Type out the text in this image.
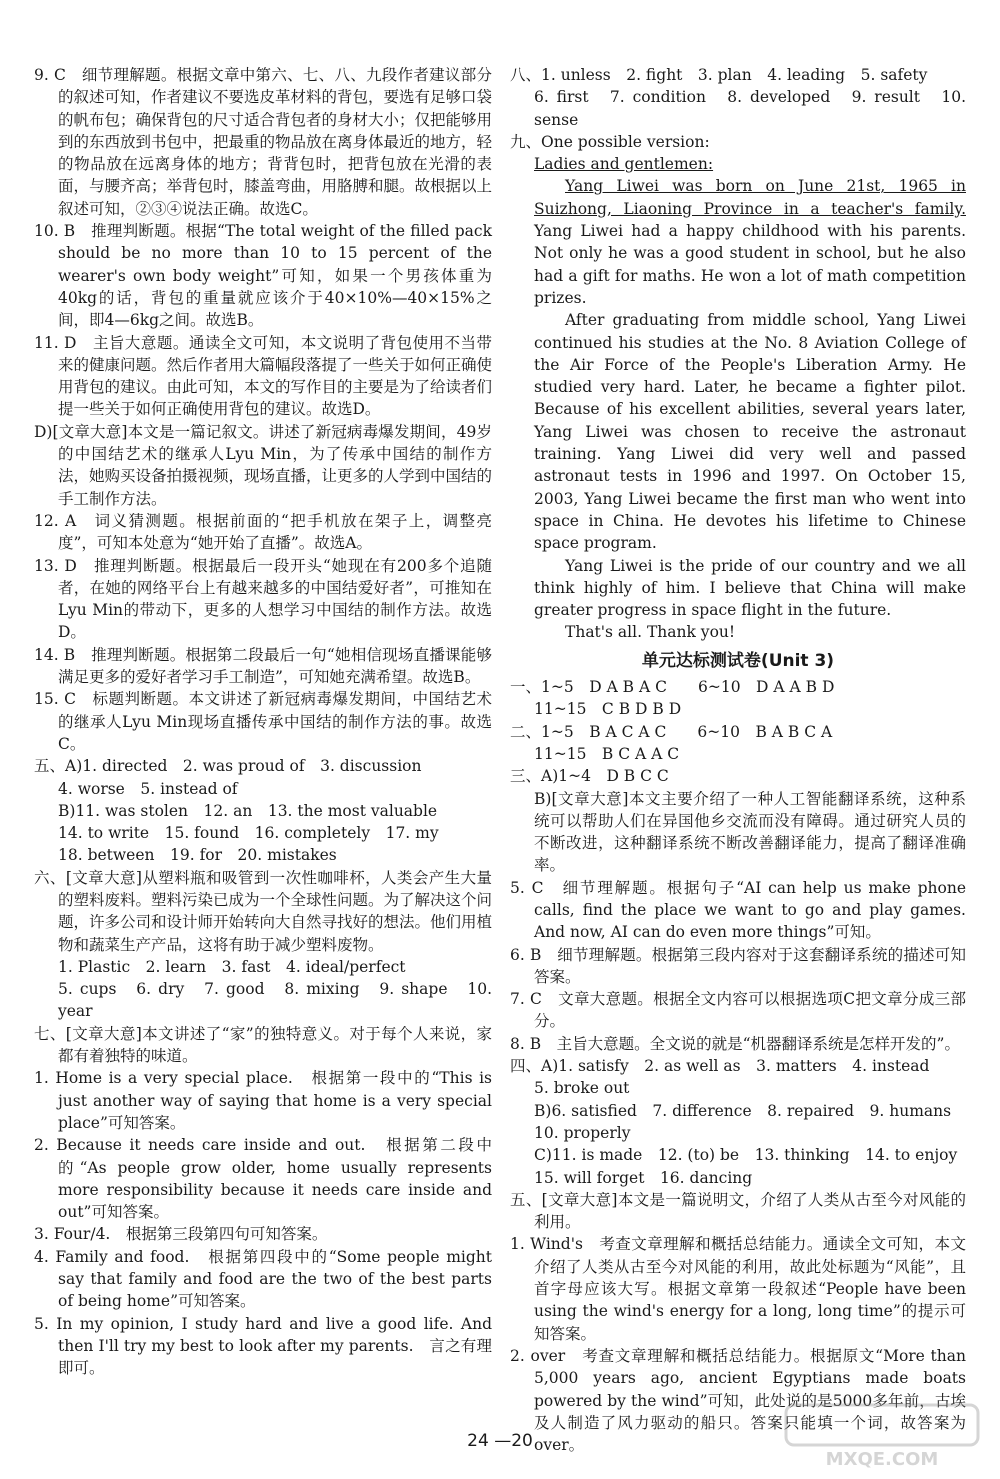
9. C　细节理解题。根据文章中第六、七、八、九段作者建议部分的叙述可知，作者建议不要选皮革材料的背包，要选有足够口袋的帆布包；确保背包的尺寸适合背包者的身材大小；仅把能够用到的东西放到书包中，把最重的物品放在离身体最近的地方，轻的物品放在远离身体的地方；背背包时，把背包放在光滑的表面，与腰齐高；举背包时，膝盖弯曲，用胳膊和腿。故根据以上叙述可知，②③④说法正确。故选C。

10. B　推理判断题。根据“The total weight of the filled pack should be no more than 10 to 15 percent of the wearer's own body weight”可知，如果一个男孩体重为40kg的话，背包的重量就应该介于40×10%—40×15%之间，即4—6kg之间。故选B。

11. D　主旨大意题。通读全文可知，本文说明了背包使用不当带来的健康问题。然后作者用大篇幅段落提了一些关于如何正确使用背包的建议。由此可知，本文的写作目的主要是为了给读者们提一些关于如何正确使用背包的建议。故选D。

D)[文章大意]本文是一篇记叙文。讲述了新冠病毒爆发期间，49岁的中国结艺术的继承人Lyu Min，为了传承中国结的制作方法，她购买设备拍摄视频，现场直播，让更多的人学到中国结的手工制作方法。

12. A　词义猜测题。根据前面的“把手机放在架子上，调整亮度”，可知本处意为“她开始了直播”。故选A。

13. D　推理判断题。根据最后一段开头“她现在有200多个追随者，在她的网络平台上有越来越多的中国结爱好者”，可推知在Lyu Min的带动下，更多的人想学习中国结的制作方法。故选D。

14. B　推理判断题。根据第二段最后一句“她相信现场直播课能够满足更多的爱好者学习手工制造”，可知她充满希望。故选B。

15. C　标题判断题。本文讲述了新冠病毒爆发期间，中国结艺术的继承人Lyu Min现场直播传承中国结的制作方法的事。故选C。

五、A)1. directed　2. was proud of　3. discussion

4. worse　5. instead of

B)11. was stolen　12. an　13. the most valuable

14. to write　15. found　16. completely　17. my

18. between　19. for　20. mistakes

六、[文章大意]从塑料瓶和吸管到一次性咖啡杯，人类会产生大量的塑料废料。塑料污染已成为一个全球性问题。为了解决这个问题，许多公司和设计师开始转向大自然寻找好的想法。他们用植物和蔬菜生产产品，这将有助于减少塑料废物。

1. Plastic　2. learn　3. fast　4. ideal/perfect

5. cups　6. dry　7. good　8. mixing　9. shape　10. year

七、[文章大意]本文讲述了“家”的独特意义。对于每个人来说，家都有着独特的味道。

1. Home is a very special place.　根据第一段中的“This is just another way of saying that home is a very special place”可知答案。

2. Because it needs care inside and out.　根据第二段中的“As people grow older, home usually represents more responsibility because it needs care inside and out”可知答案。

3. Four/4.　根据第三段第四句可知答案。

4. Family and food.　根据第四段中的“Some people might say that family and food are the two of the best parts of being home”可知答案。

5. In my opinion, I study hard and live a good life. And then I'll try my best to look after my parents.　言之有理即可。

八、1. unless　2. fight　3. plan　4. leading　5. safety

6. first　7. condition　8. developed　9. result　10. sense

九、One possible version:

Ladies and gentlemen:

Yang Liwei was born on June 21st, 1965 in Suizhong, Liaoning Province in a teacher's family. Yang Liwei had a happy childhood with his parents. Not only he was a good student in school, but he also had a gift for maths. He won a lot of math competition prizes.

After graduating from middle school, Yang Liwei continued his studies at the No. 8 Aviation College of the Air Force of the People's Liberation Army. He studied very hard. Later, he became a fighter pilot. Because of his excellent abilities, several years later, Yang Liwei was chosen to receive the astronaut training. Yang Liwei did very well and passed astronaut tests in 1996 and 1997. On October 15, 2003, Yang Liwei became the first man who went into space in China. He devotes his lifetime to Chinese space program.

Yang Liwei is the pride of our country and we all think highly of him. I believe that China will make greater progress in space flight in the future.

That's all. Thank you!

单元达标测试卷(Unit 3)

一、1~5　D A B A C　　6~10　D A A B D

11~15　C B D B D

二、1~5　B A C A C　　6~10　B A B C A

11~15　B C A A C

三、A)1~4　D B C C

B)[文章大意]本文主要介绍了一种人工智能翻译系统，这种系统可以帮助人们在异国他乡交流而没有障碍。通过研究人员的不断改进，这种翻译系统不断改善翻译能力，提高了翻译准确率。

5. C　细节理解题。根据句子“AI can help us make phone calls, find the place we want to go and play games. And now, AI can do even more things”可知。

6. B　细节理解题。根据第三段内容对于这套翻译系统的描述可知答案。

7. C　文章大意题。根据全文内容可以根据选项C把文章分成三部分。

8. B　主旨大意题。全文说的就是“机器翻译系统是怎样开发的”。

四、A)1. satisfy　2. as well as　3. matters　4. instead

5. broke out

B)6. satisfied　7. difference　8. repaired　9. humans

10. properly

C)11. is made　12. (to) be　13. thinking　14. to enjoy

15. will forget　16. dancing

五、[文章大意]本文是一篇说明文，介绍了人类从古至今对风能的利用。

1. Wind's　考查文章理解和概括总结能力。通读全文可知，本文介绍了人类从古至今对风能的利用，故此处标题为“风能”，且首字母应该大写。根据文章第一段叙述“People have been using the wind's energy for a long, long time”的提示可知答案。

2. over　考查文章理解和概括总结能力。根据原文“More than 5,000 years ago, ancient Egyptians made boats powered by the wind”可知，此处说的是5000多年前，古埃及人制造了风力驱动的船只。答案只能填一个词，故答案为over。

24 —20
MXQE.COM
